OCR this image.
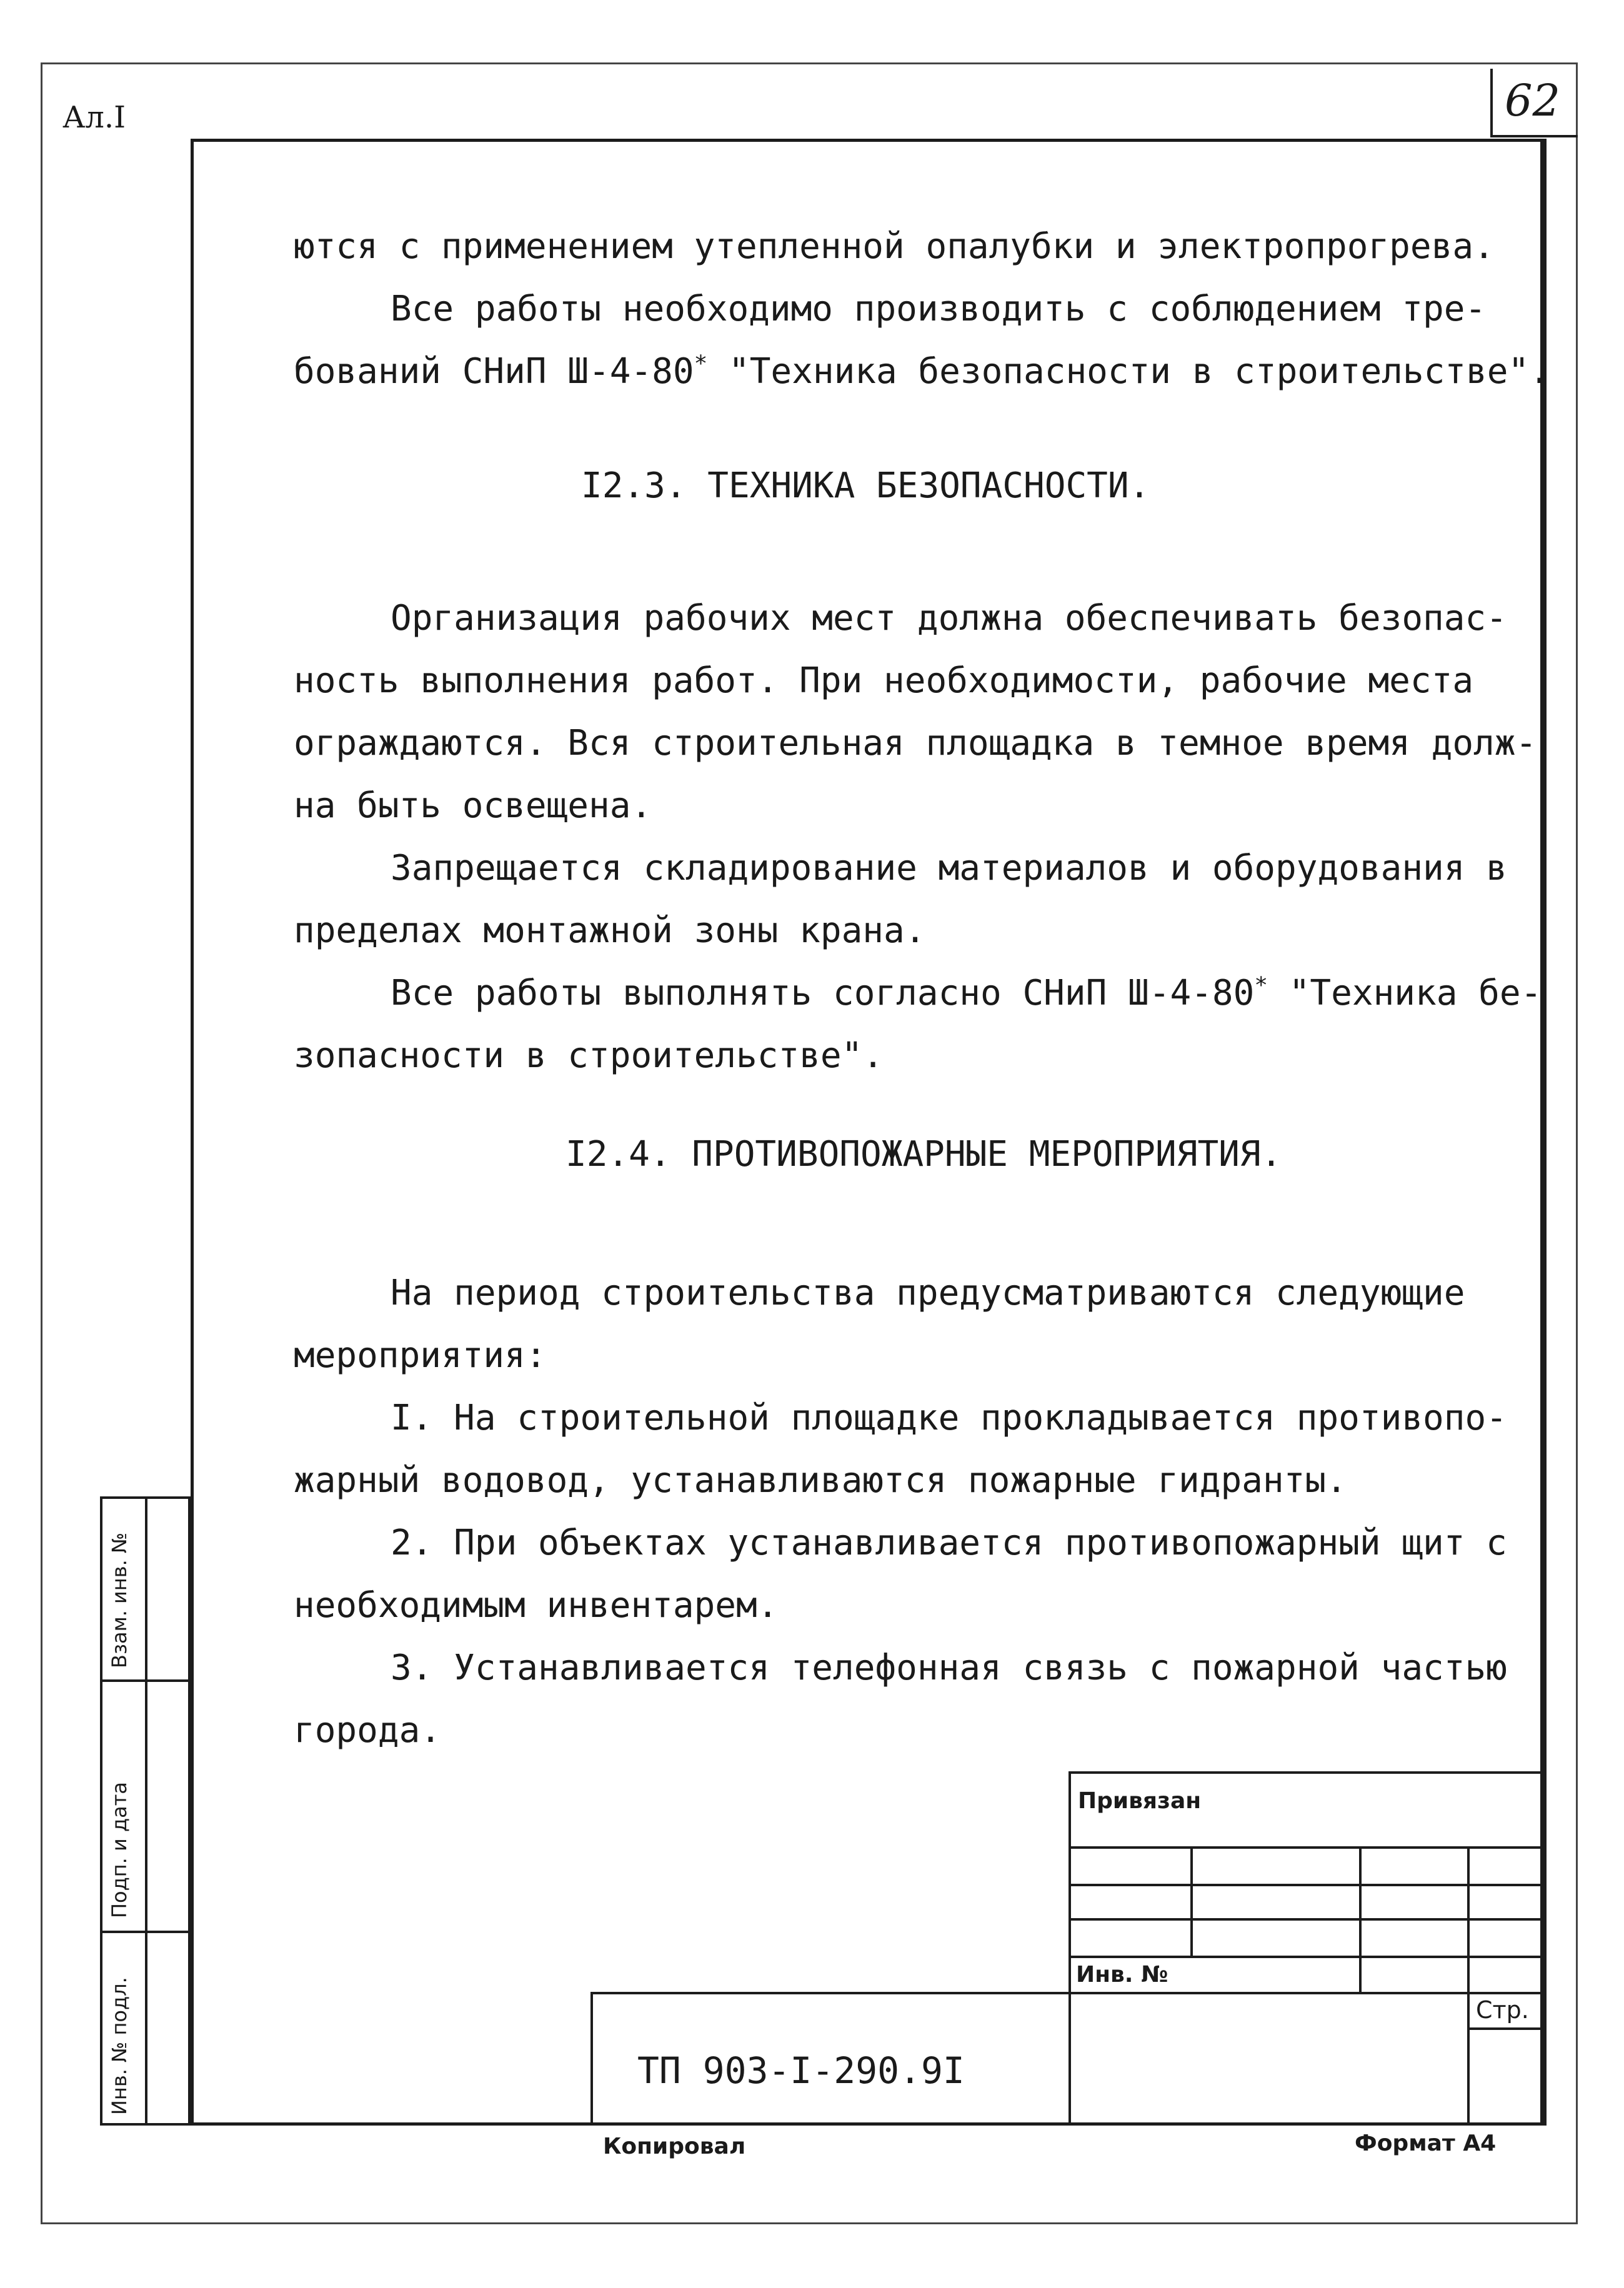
62
Ал.I
ются с применением утепленной опалубки и электропрогрева.
Все работы необходимо производить с соблюдением тре-
бований СНиП Ш-4-80* "Техника безопасности в строительстве".
I2.3. ТЕХНИКА БЕЗОПАСНОСТИ.
Организация рабочих мест должна обеспечивать безопас-
ность выполнения работ. При необходимости, рабочие места
ограждаются. Вся строительная площадка в темное время долж-
на быть освещена.
Запрещается складирование материалов и оборудования в
пределах монтажной зоны крана.
Все работы выполнять согласно СНиП Ш-4-80* "Техника бе-
зопасности в строительстве".
I2.4. ПРОТИВОПОЖАРНЫЕ МЕРОПРИЯТИЯ.
На период строительства предусматриваются следующие
мероприятия:
I. На строительной площадке прокладывается противопо-
жарный водовод, устанавливаются пожарные гидранты.
2. При объектах устанавливается противопожарный щит с
необходимым инвентарем.
3. Устанавливается телефонная связь с пожарной частью
города.
Взам. инв. №
Подп. и дата
Инв. № подл.
Привязан
Инв. №
Стр.
ТП 903-I-290.9I
Копировал	Формат А4
